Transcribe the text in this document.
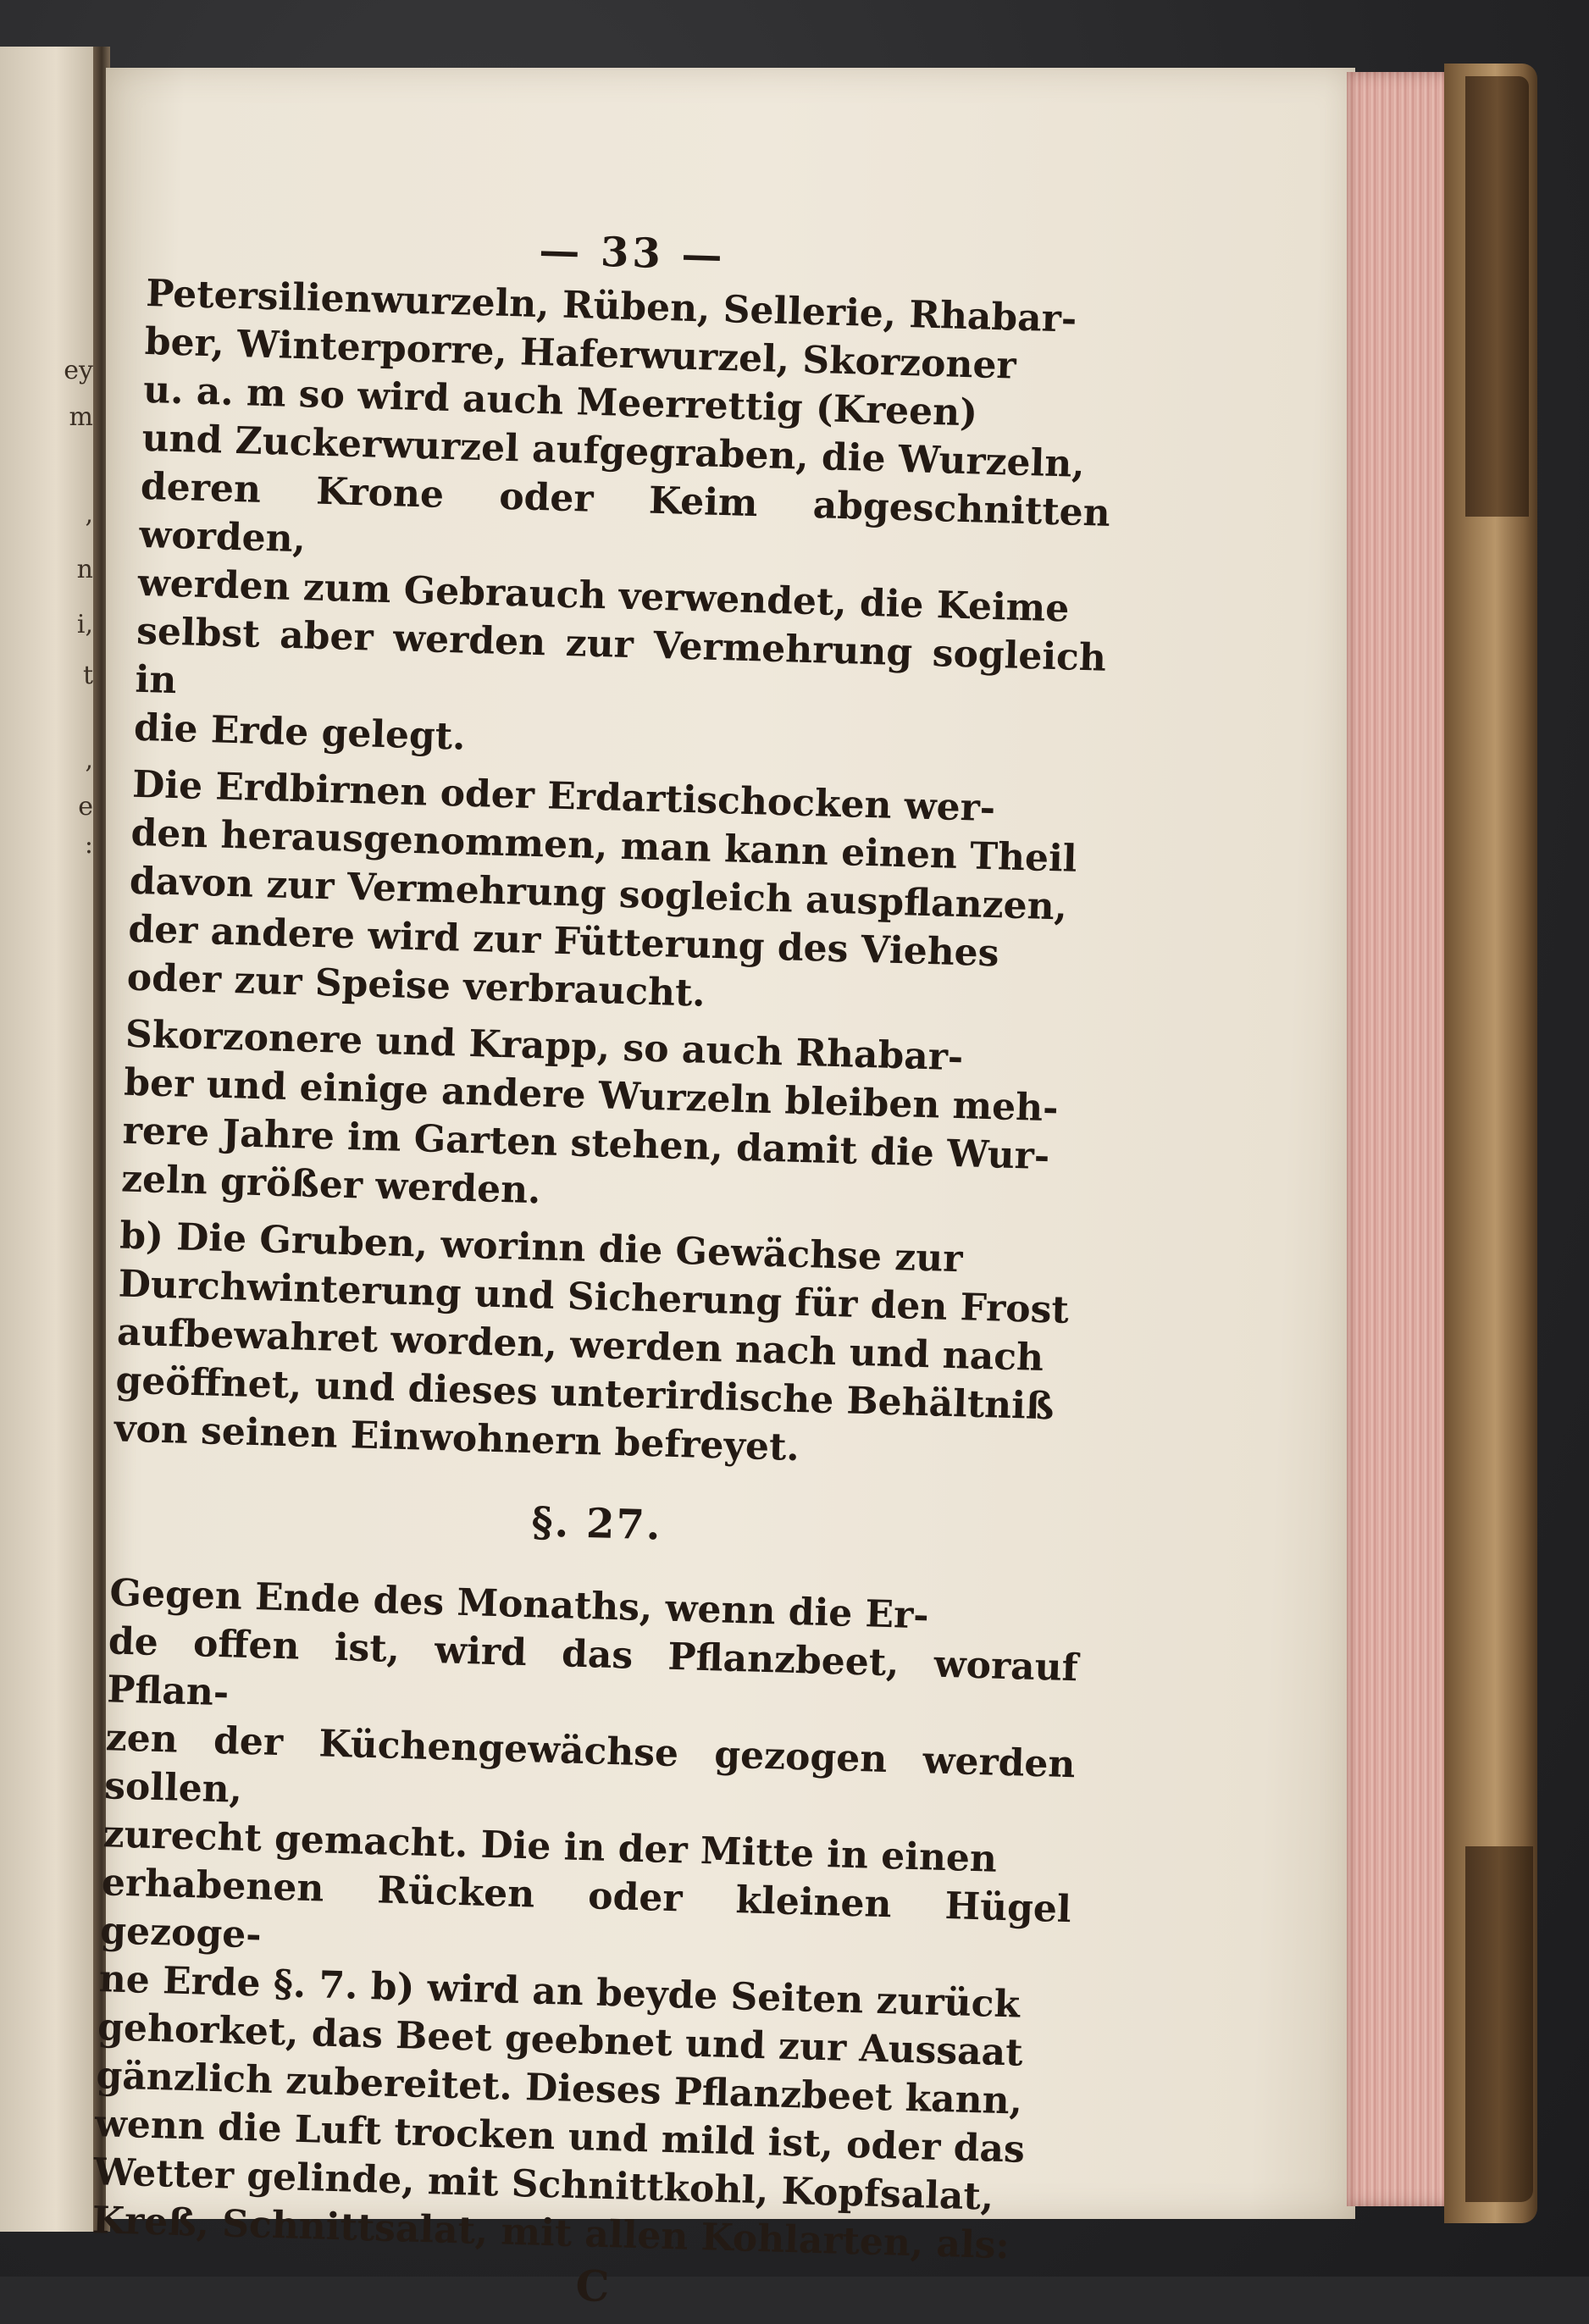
ey
m
,
n
i,
t
,
e
:
— 33 —

Petersilienwurzeln, Rüben, Sellerie, Rhabar-
ber, Winterporre, Haferwurzel, Skorzoner
u. a. m so wird auch Meerrettig (Kreen)
und Zuckerwurzel aufgegraben, die Wurzeln,
deren Krone oder Keim abgeschnitten worden,
werden zum Gebrauch verwendet, die Keime
selbst aber werden zur Vermehrung sogleich in
die Erde gelegt.

Die Erdbirnen oder Erdartischocken wer-
den herausgenommen, man kann einen Theil
davon zur Vermehrung sogleich auspflanzen,
der andere wird zur Fütterung des Viehes
oder zur Speise verbraucht.

Skorzonere und Krapp, so auch Rhabar-
ber und einige andere Wurzeln bleiben meh-
rere Jahre im Garten stehen, damit die Wur-
zeln größer werden.

b) Die Gruben, worinn die Gewächse zur
Durchwinterung und Sicherung für den Frost
aufbewahret worden, werden nach und nach
geöffnet, und dieses unterirdische Behältniß
von seinen Einwohnern befreyet.

§. 27.

Gegen Ende des Monaths, wenn die Er-
de offen ist, wird das Pflanzbeet, worauf Pflan-
zen der Küchengewächse gezogen werden sollen,
zurecht gemacht. Die in der Mitte in einen
erhabenen Rücken oder kleinen Hügel gezoge-
ne Erde §. 7. b) wird an beyde Seiten zurück
gehorket, das Beet geebnet und zur Aussaat
gänzlich zubereitet. Dieses Pflanzbeet kann,
wenn die Luft trocken und mild ist, oder das
Wetter gelinde, mit Schnittkohl, Kopfsalat,
Kreß, Schnittsalat, mit allen Kohlarten, als:

C
